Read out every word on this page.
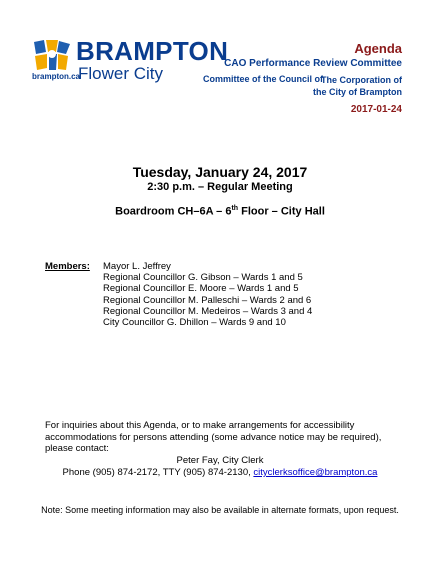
brampton.ca
BRAMPTON
Flower City
Agenda
CAO Performance Review Committee
Committee of the Council of
The Corporation of
the City of Brampton
2017-01-24
Tuesday, January 24, 2017
2:30 p.m. – Regular Meeting
Boardroom CH–6A – 6th Floor – City Hall
Members: Mayor L. Jeffrey
Regional Councillor G. Gibson – Wards 1 and 5
Regional Councillor E. Moore – Wards 1 and 5
Regional Councillor M. Palleschi – Wards 2 and 6
Regional Councillor M. Medeiros – Wards 3 and 4
City Councillor G. Dhillon – Wards 9 and 10
For inquiries about this Agenda, or to make arrangements for accessibility accommodations for persons attending (some advance notice may be required), please contact:
Peter Fay, City Clerk
Phone (905) 874-2172, TTY (905) 874-2130, cityclerksoffice@brampton.ca
Note: Some meeting information may also be available in alternate formats, upon request.
